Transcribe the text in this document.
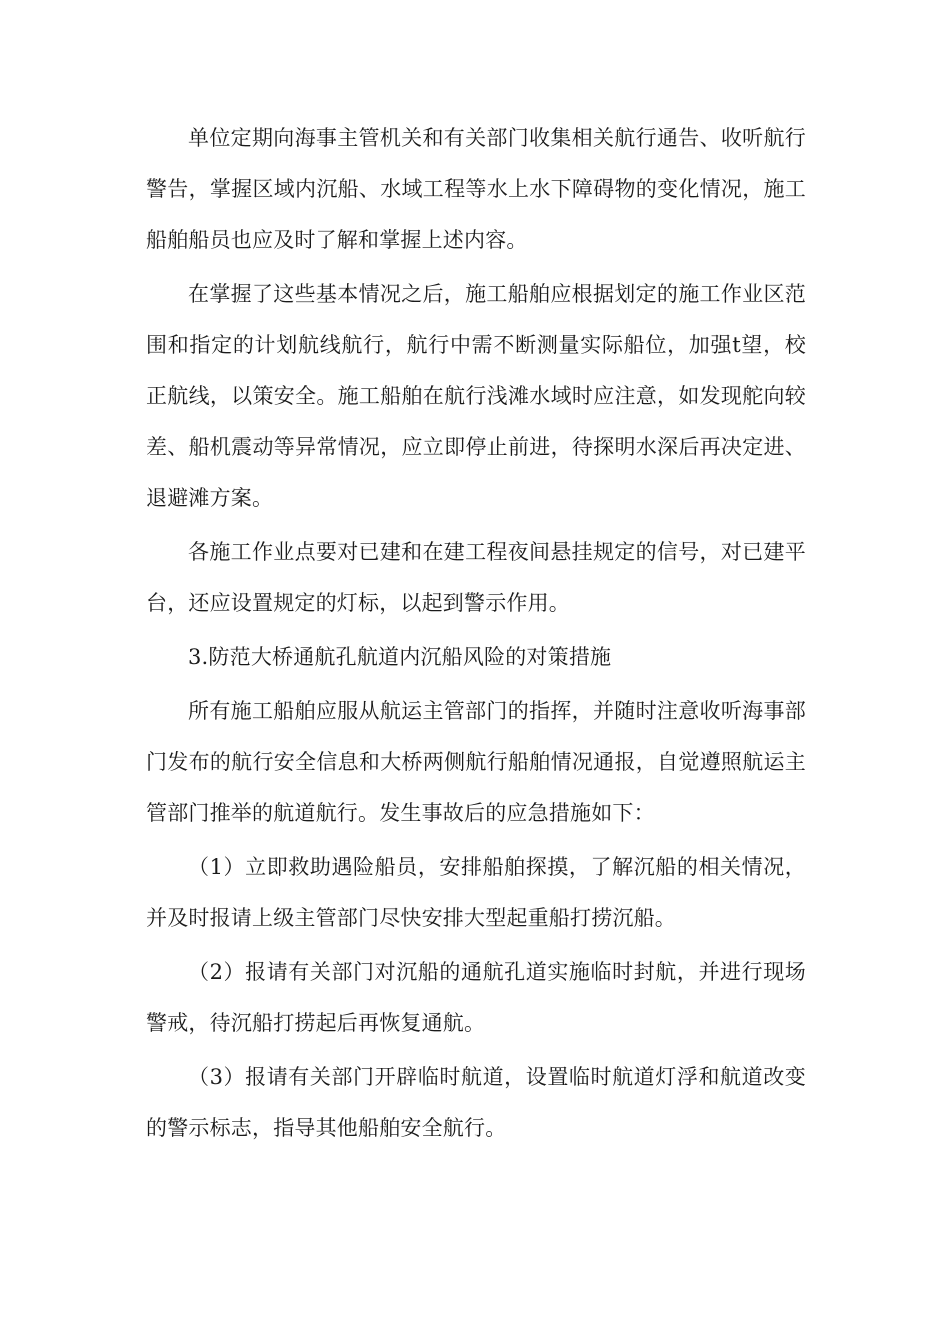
单位定期向海事主管机关和有关部门收集相关航行通告、收听航行警告，掌握区域内沉船、水域工程等水上水下障碍物的变化情况，施工船舶船员也应及时了解和掌握上述内容。

在掌握了这些基本情况之后，施工船舶应根据划定的施工作业区范围和指定的计划航线航行，航行中需不断测量实际船位，加强t望，校正航线，以策安全。施工船舶在航行浅滩水域时应注意，如发现舵向较差、船机震动等异常情况，应立即停止前进，待探明水深后再决定进、退避滩方案。

各施工作业点要对已建和在建工程夜间悬挂规定的信号，对已建平台，还应设置规定的灯标，以起到警示作用。

3.防范大桥通航孔航道内沉船风险的对策措施

所有施工船舶应服从航运主管部门的指挥，并随时注意收听海事部门发布的航行安全信息和大桥两侧航行船舶情况通报，自觉遵照航运主管部门推举的航道航行。发生事故后的应急措施如下：

（1）立即救助遇险船员，安排船舶探摸，了解沉船的相关情况，并及时报请上级主管部门尽快安排大型起重船打捞沉船。

（2）报请有关部门对沉船的通航孔道实施临时封航，并进行现场警戒，待沉船打捞起后再恢复通航。

（3）报请有关部门开辟临时航道，设置临时航道灯浮和航道改变的警示标志，指导其他船舶安全航行。
